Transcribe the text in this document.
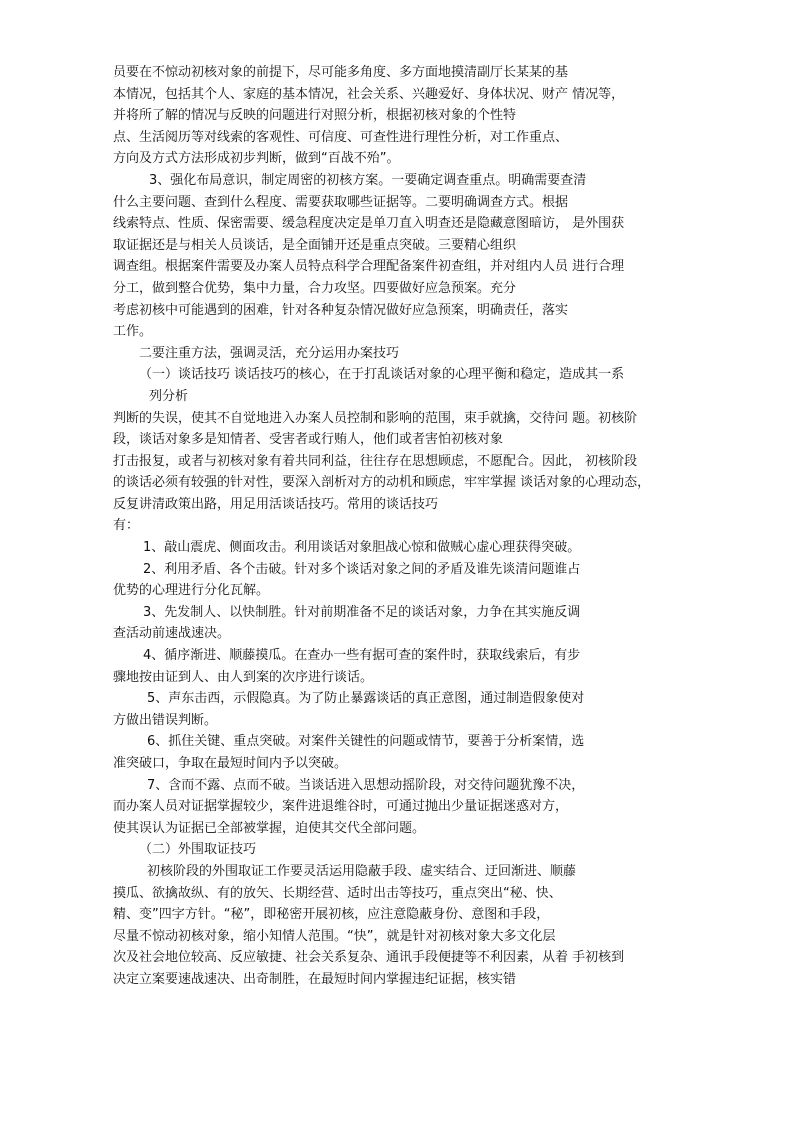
员要在不惊动初核对象的前提下，尽可能多角度、多方面地摸清副厅长某某的基
本情况，包括其个人、家庭的基本情况，社会关系、兴趣爱好、身体状况、财产 情况等，
并将所了解的情况与反映的问题进行对照分析，根据初核对象的个性特
点、生活阅历等对线索的客观性、可信度、可查性进行理性分析，对工作重点、
方向及方式方法形成初步判断，做到“百战不殆”。
3、强化布局意识，制定周密的初核方案。一要确定调查重点。明确需要查清
什么主要问题、查到什么程度、需要获取哪些证据等。二要明确调查方式。根据
线索特点、性质、保密需要、缓急程度决定是单刀直入明查还是隐藏意图暗访， 是外围获
取证据还是与相关人员谈话，是全面铺开还是重点突破。三要精心组织
调查组。根据案件需要及办案人员特点科学合理配备案件初查组，并对组内人员 进行合理
分工，做到整合优势，集中力量，合力攻坚。四要做好应急预案。充分
考虑初核中可能遇到的困难，针对各种复杂情况做好应急预案，明确责任，落实
工作。
二要注重方法，强调灵活，充分运用办案技巧
（一）谈话技巧 谈话技巧的核心，在于打乱谈话对象的心理平衡和稳定，造成其一系
列分析
判断的失误，使其不自觉地进入办案人员控制和影响的范围，束手就擒，交待问 题。初核阶
段，谈话对象多是知情者、受害者或行贿人，他们或者害怕初核对象
打击报复，或者与初核对象有着共同利益，往往存在思想顾虑，不愿配合。因此， 初核阶段
的谈话必须有较强的针对性，要深入剖析对方的动机和顾虑，牢牢掌握 谈话对象的心理动态，
反复讲清政策出路，用足用活谈话技巧。常用的谈话技巧
有：
1、敲山震虎、侧面攻击。利用谈话对象胆战心惊和做贼心虚心理获得突破。
2、利用矛盾、各个击破。针对多个谈话对象之间的矛盾及谁先谈清问题谁占
优势的心理进行分化瓦解。
3、先发制人、以快制胜。针对前期准备不足的谈话对象，力争在其实施反调
查活动前速战速决。
4、循序渐进、顺藤摸瓜。在查办一些有据可查的案件时，获取线索后，有步
骤地按由证到人、由人到案的次序进行谈话。
5、声东击西，示假隐真。为了防止暴露谈话的真正意图，通过制造假象使对
方做出错误判断。
6、抓住关键、重点突破。对案件关键性的问题或情节，要善于分析案情，选
准突破口，争取在最短时间内予以突破。
7、含而不露、点而不破。当谈话进入思想动摇阶段，对交待问题犹豫不决，
而办案人员对证据掌握较少，案件进退维谷时，可通过抛出少量证据迷惑对方，
使其误认为证据已全部被掌握，迫使其交代全部问题。
（二）外围取证技巧
初核阶段的外围取证工作要灵活运用隐蔽手段、虚实结合、迂回渐进、顺藤
摸瓜、欲擒故纵、有的放矢、长期经营、适时出击等技巧，重点突出“秘、快、
精、变”四字方针。“秘”，即秘密开展初核，应注意隐蔽身份、意图和手段，
尽量不惊动初核对象，缩小知情人范围。“快”，就是针对初核对象大多文化层
次及社会地位较高、反应敏捷、社会关系复杂、通讯手段便捷等不利因素，从着 手初核到
决定立案要速战速决、出奇制胜，在最短时间内掌握违纪证据，核实错
